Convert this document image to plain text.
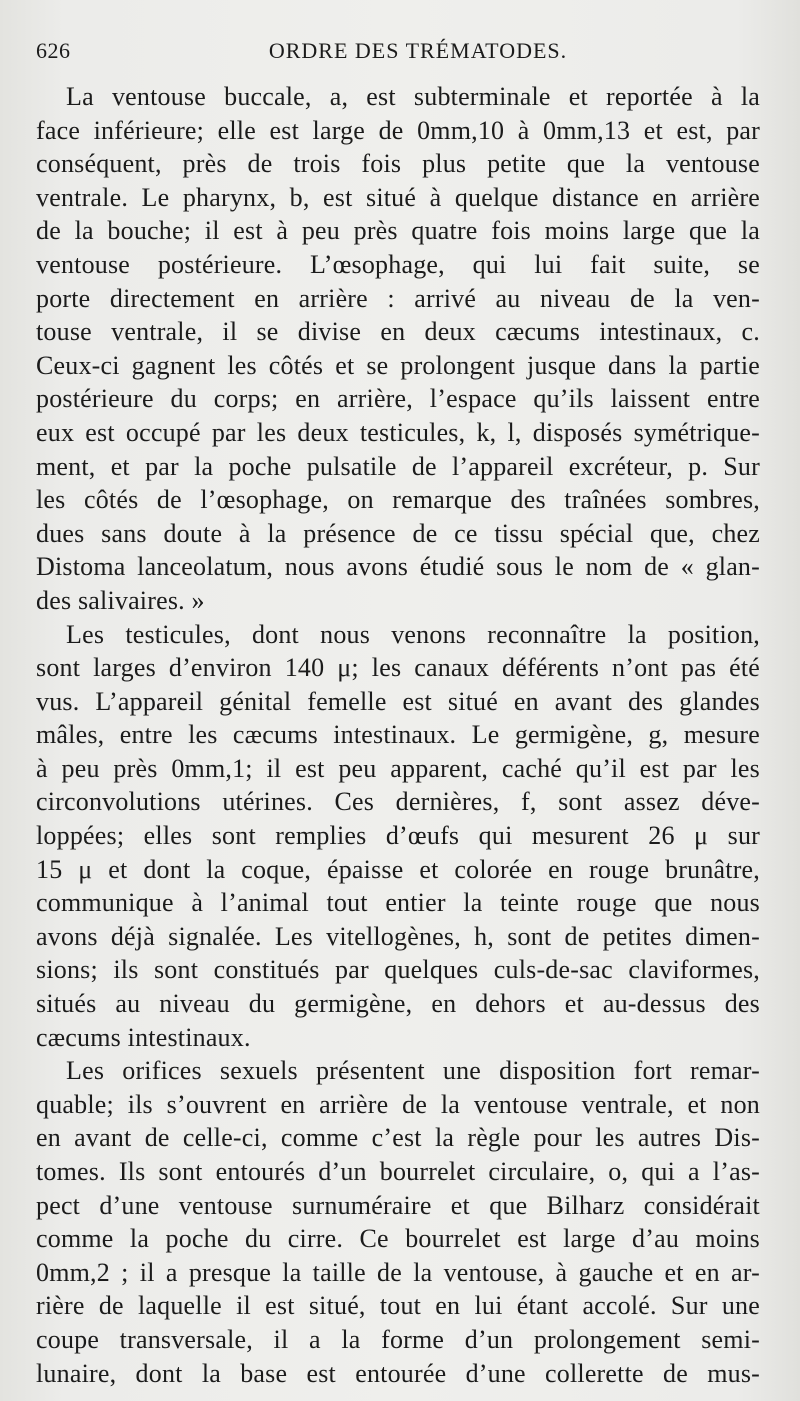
626	ORDRE DES TRÉMATODES.
La ventouse buccale, a, est subterminale et reportée à la
face inférieure; elle est large de 0mm,10 à 0mm,13 et est, par
conséquent, près de trois fois plus petite que la ventouse
ventrale. Le pharynx, b, est situé à quelque distance en arrière
de la bouche; il est à peu près quatre fois moins large que la
ventouse postérieure. L’œsophage, qui lui fait suite, se
porte directement en arrière : arrivé au niveau de la ven-
touse ventrale, il se divise en deux cæcums intestinaux, c.
Ceux-ci gagnent les côtés et se prolongent jusque dans la partie
postérieure du corps; en arrière, l’espace qu’ils laissent entre
eux est occupé par les deux testicules, k, l, disposés symétrique-
ment, et par la poche pulsatile de l’appareil excréteur, p. Sur
les côtés de l’œsophage, on remarque des traînées sombres,
dues sans doute à la présence de ce tissu spécial que, chez
Distoma lanceolatum, nous avons étudié sous le nom de « glan-
des salivaires. »
Les testicules, dont nous venons reconnaître la position,
sont larges d’environ 140 μ; les canaux déférents n’ont pas été
vus. L’appareil génital femelle est situé en avant des glandes
mâles, entre les cæcums intestinaux. Le germigène, g, mesure
à peu près 0mm,1; il est peu apparent, caché qu’il est par les
circonvolutions utérines. Ces dernières, f, sont assez déve-
loppées; elles sont remplies d’œufs qui mesurent 26 μ sur
15 μ et dont la coque, épaisse et colorée en rouge brunâtre,
communique à l’animal tout entier la teinte rouge que nous
avons déjà signalée. Les vitellogènes, h, sont de petites dimen-
sions; ils sont constitués par quelques culs-de-sac claviformes,
situés au niveau du germigène, en dehors et au-dessus des
cæcums intestinaux.
Les orifices sexuels présentent une disposition fort remar-
quable; ils s’ouvrent en arrière de la ventouse ventrale, et non
en avant de celle-ci, comme c’est la règle pour les autres Dis-
tomes. Ils sont entourés d’un bourrelet circulaire, o, qui a l’as-
pect d’une ventouse surnuméraire et que Bilharz considérait
comme la poche du cirre. Ce bourrelet est large d’au moins
0mm,2 ; il a presque la taille de la ventouse, à gauche et en ar-
rière de laquelle il est situé, tout en lui étant accolé. Sur une
coupe transversale, il a la forme d’un prolongement semi-
lunaire, dont la base est entourée d’une collerette de mus-
